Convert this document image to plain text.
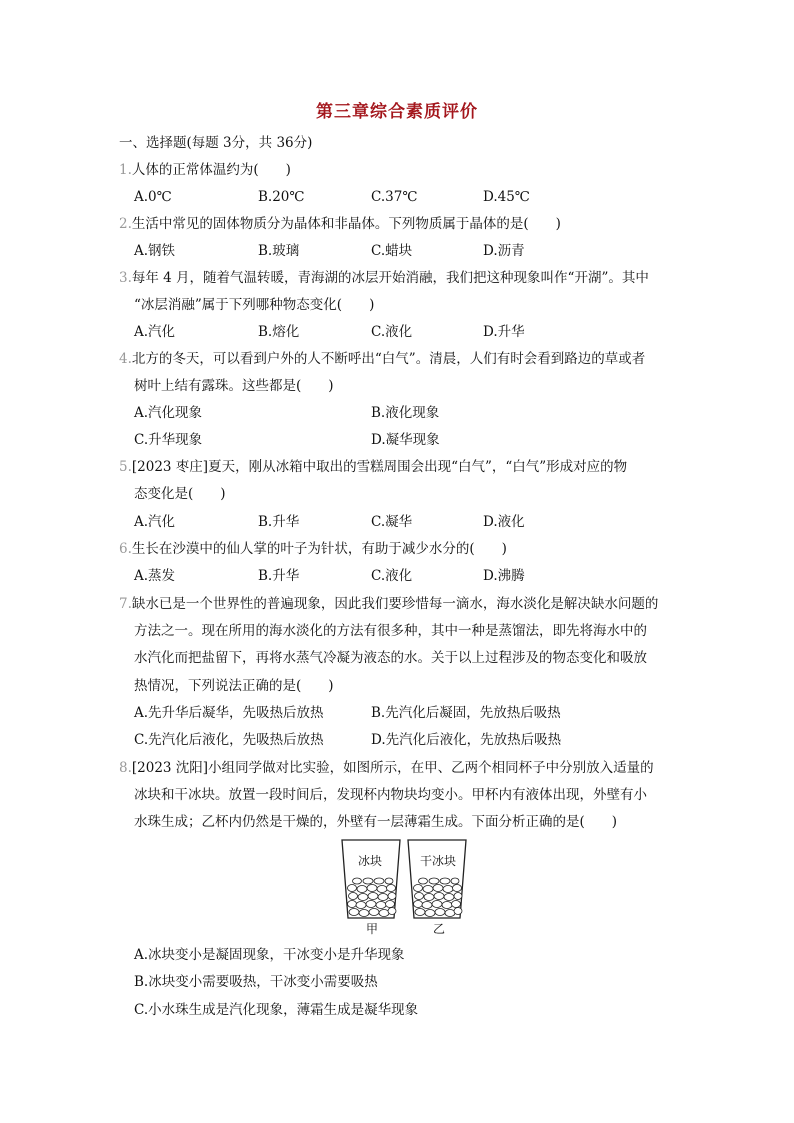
第三章综合素质评价
一、选择题(每题 3分，共 36分)
1.人体的正常体温约为(　　)
A.0℃	B.20℃	C.37℃	D.45℃
2.生活中常见的固体物质分为晶体和非晶体。下列物质属于晶体的是(　　)
A.钢铁	B.玻璃	C.蜡块	D.沥青
3.每年 4 月，随着气温转暖，青海湖的冰层开始消融，我们把这种现象叫作“开湖”。其中
“冰层消融”属于下列哪种物态变化(　　)
A.汽化	B.熔化	C.液化	D.升华
4.北方的冬天，可以看到户外的人不断呼出“白气”。清晨，人们有时会看到路边的草或者
树叶上结有露珠。这些都是(　　)
A.汽化现象	B.液化现象
C.升华现象	D.凝华现象
5.[2023 枣庄]夏天，刚从冰箱中取出的雪糕周围会出现“白气”，“白气”形成对应的物
态变化是(　　)
A.汽化	B.升华	C.凝华	D.液化
6.生长在沙漠中的仙人掌的叶子为针状，有助于减少水分的(　　)
A.蒸发	B.升华	C.液化	D.沸腾
7.缺水已是一个世界性的普遍现象，因此我们要珍惜每一滴水，海水淡化是解决缺水问题的
方法之一。现在所用的海水淡化的方法有很多种，其中一种是蒸馏法，即先将海水中的
水汽化而把盐留下，再将水蒸气冷凝为液态的水。关于以上过程涉及的物态变化和吸放
热情况，下列说法正确的是(　　)
A.先升华后凝华，先吸热后放热	B.先汽化后凝固，先放热后吸热
C.先汽化后液化，先吸热后放热	D.先汽化后液化，先放热后吸热
8.[2023 沈阳]小组同学做对比实验，如图所示，在甲、乙两个相同杯子中分别放入适量的
冰块和干冰块。放置一段时间后，发现杯内物块均变小。甲杯内有液体出现，外壁有小
水珠生成；乙杯内仍然是干燥的，外壁有一层薄霜生成。下面分析正确的是(　　)
冰块	干冰块
甲	乙
A.冰块变小是凝固现象，干冰变小是升华现象
B.冰块变小需要吸热，干冰变小需要吸热
C.小水珠生成是汽化现象，薄霜生成是凝华现象
